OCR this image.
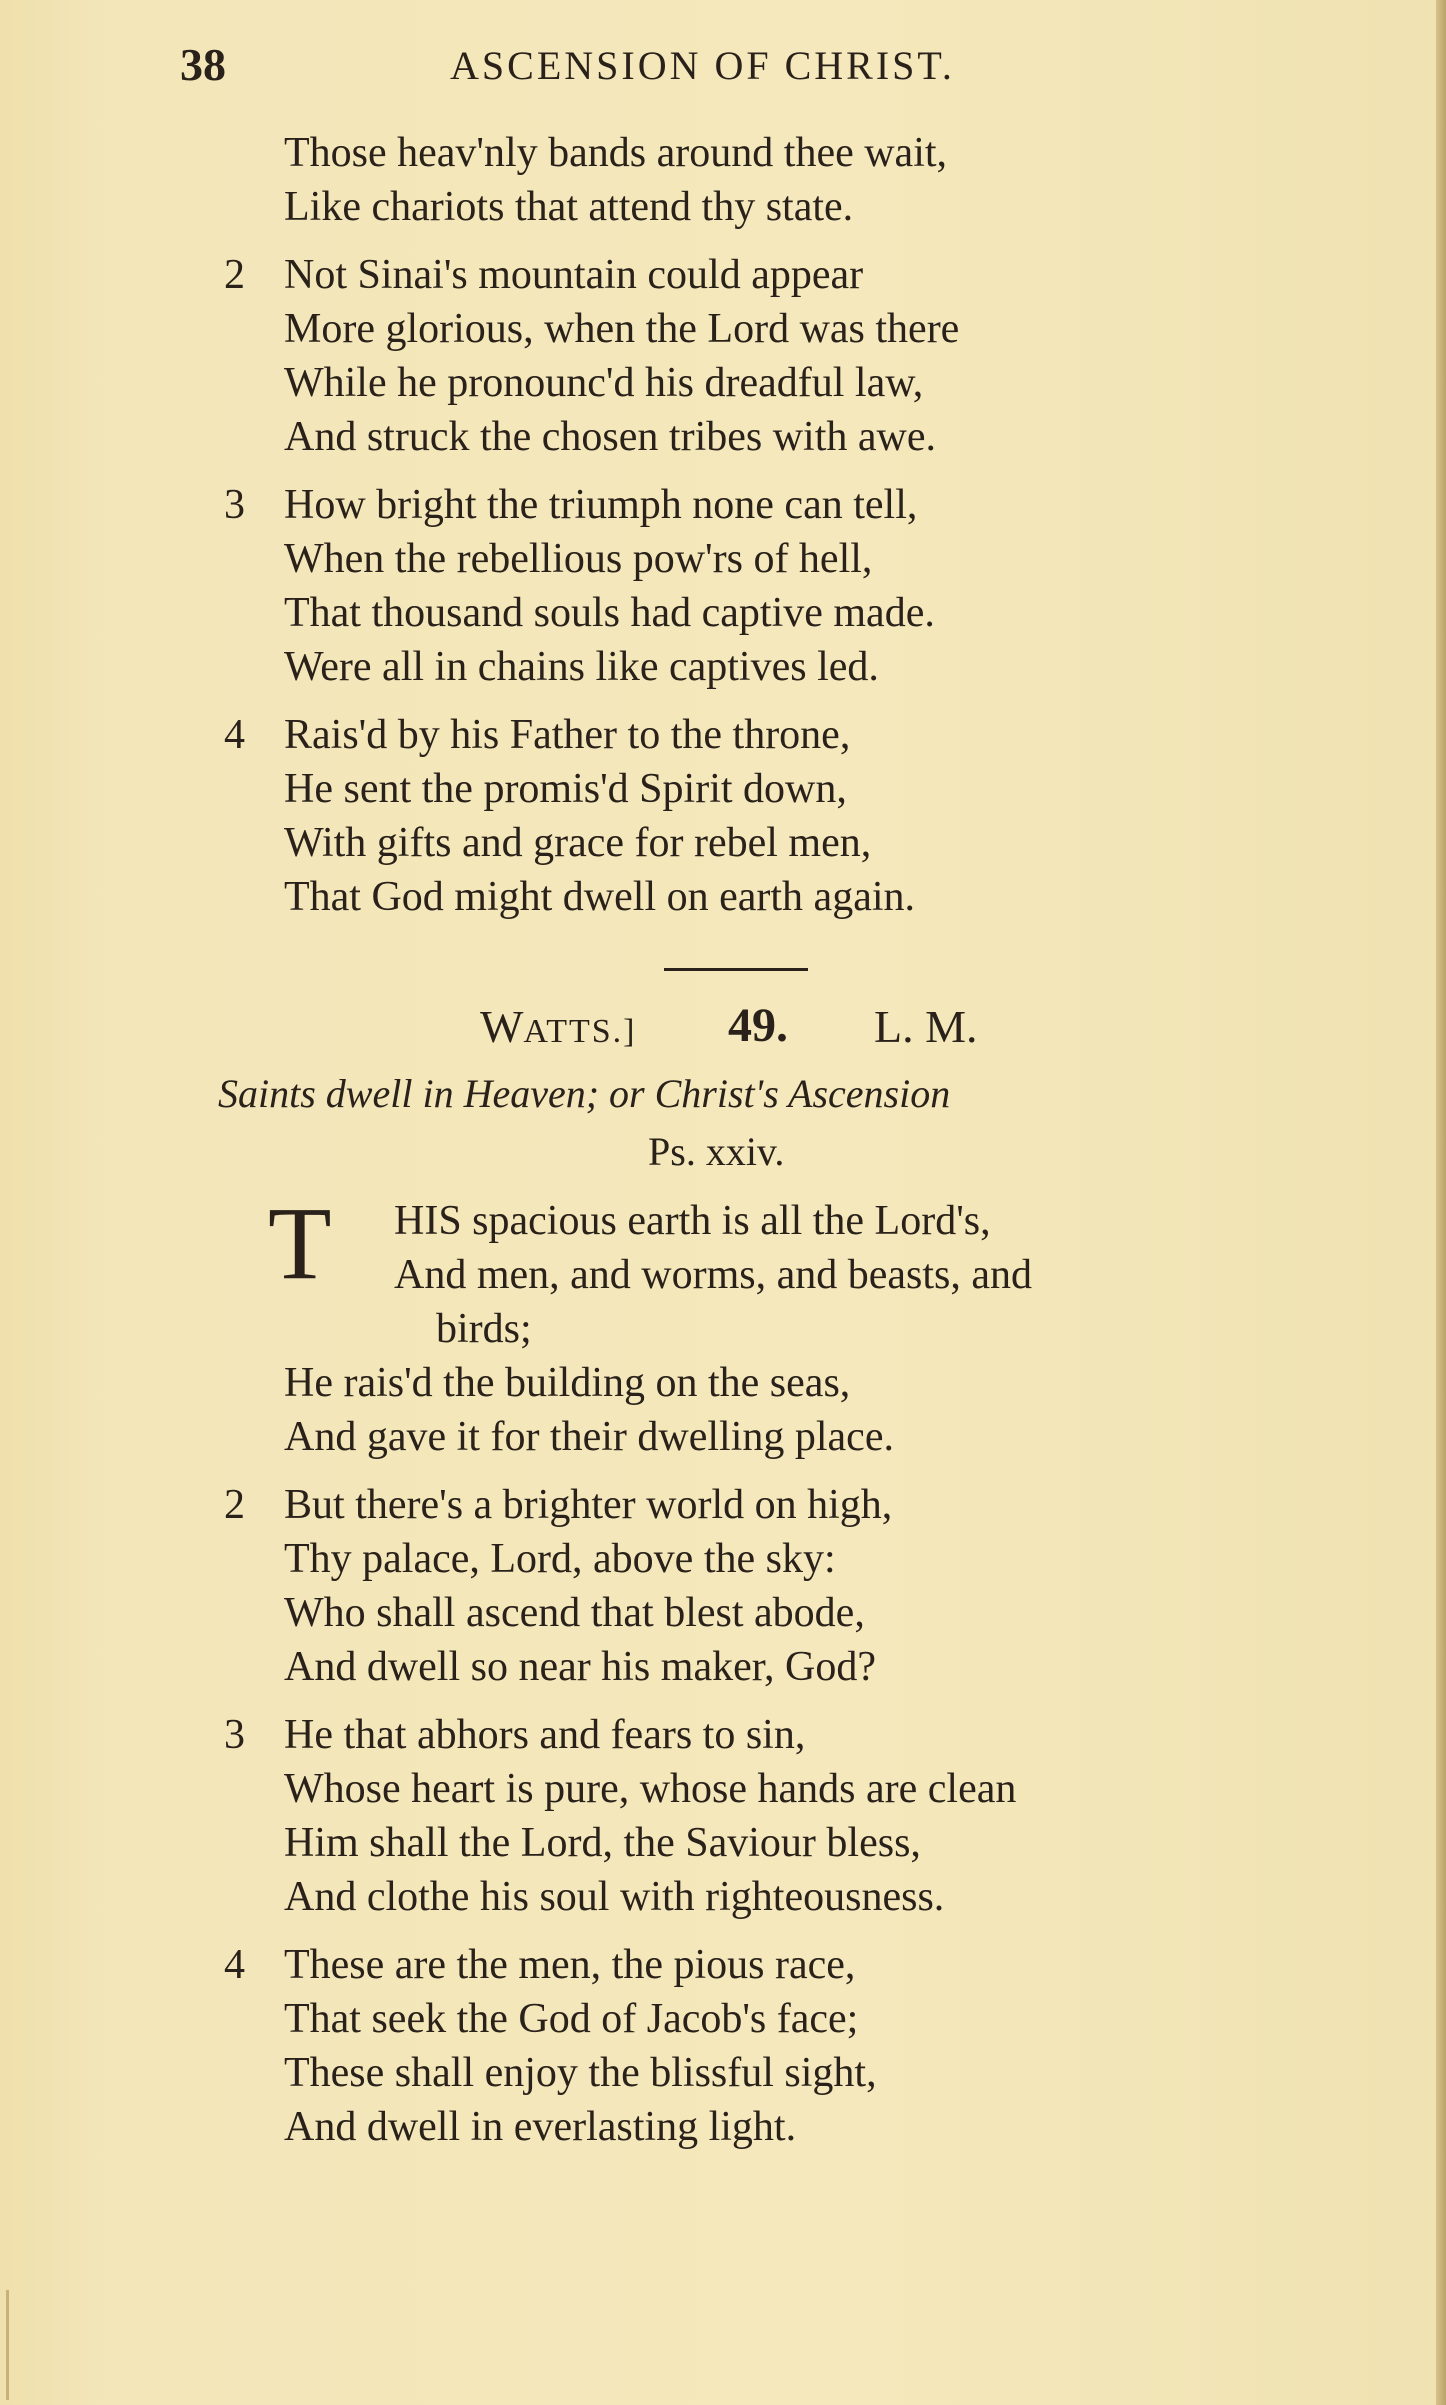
38	ASCENSION OF CHRIST.
Those heav'nly bands around thee wait,
Like chariots that attend thy state.
2 Not Sinai's mountain could appear
More glorious, when the Lord was there
While he pronounc'd his dreadful law,
And struck the chosen tribes with awe.
3 How bright the triumph none can tell,
When the rebellious pow'rs of hell,
That thousand souls had captive made.
Were all in chains like captives led.
4 Rais'd by his Father to the throne,
He sent the promis'd Spirit down,
With gifts and grace for rebel men,
That God might dwell on earth again.
WATTS.] 49. L. M.
Saints dwell in Heaven; or Christ's Ascension
Ps. xxiv.
T HIS spacious earth is all the Lord's,
And men, and worms, and beasts, and
birds;
He rais'd the building on the seas,
And gave it for their dwelling place.
2 But there's a brighter world on high,
Thy palace, Lord, above the sky:
Who shall ascend that blest abode,
And dwell so near his maker, God?
3 He that abhors and fears to sin,
Whose heart is pure, whose hands are clean
Him shall the Lord, the Saviour bless,
And clothe his soul with righteousness.
4 These are the men, the pious race,
That seek the God of Jacob's face;
These shall enjoy the blissful sight,
And dwell in everlasting light.
